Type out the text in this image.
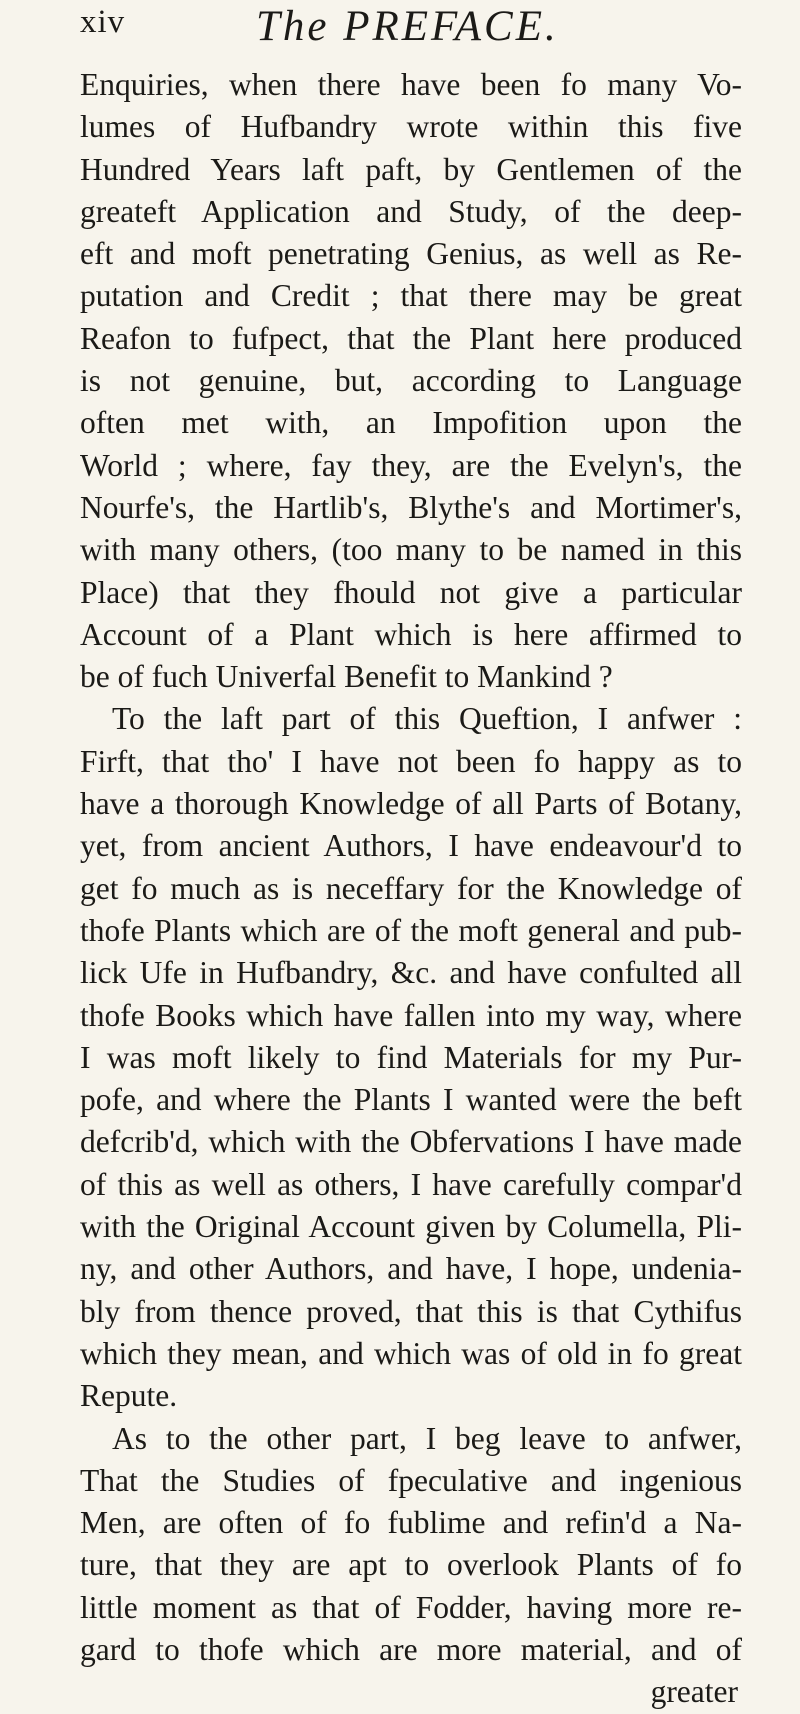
xiv	The PREFACE.
Enquiries, when there have been fo many Vo-
lumes of Hufbandry wrote within this five
Hundred Years laft paft, by Gentlemen of the
greateft Application and Study, of the deep-
eft and moft penetrating Genius, as well as Re-
putation and Credit ; that there may be great
Reafon to fufpect, that the Plant here produced
is not genuine, but, according to Language
often met with, an Impofition upon the
World ; where, fay they, are the Evelyn's, the
Nourfe's, the Hartlib's, Blythe's and Mortimer's,
with many others, (too many to be named in this
Place) that they fhould not give a particular
Account of a Plant which is here affirmed to
be of fuch Univerfal Benefit to Mankind ?
To the laft part of this Queftion, I anfwer :
Firft, that tho' I have not been fo happy as to
have a thorough Knowledge of all Parts of Botany,
yet, from ancient Authors, I have endeavour'd to
get fo much as is neceffary for the Knowledge of
thofe Plants which are of the moft general and pub-
lick Ufe in Hufbandry, &c. and have confulted all
thofe Books which have fallen into my way, where
I was moft likely to find Materials for my Pur-
pofe, and where the Plants I wanted were the beft
defcrib'd, which with the Obfervations I have made
of this as well as others, I have carefully compar'd
with the Original Account given by Columella, Pli-
ny, and other Authors, and have, I hope, undenia-
bly from thence proved, that this is that Cythifus
which they mean, and which was of old in fo great
Repute.
As to the other part, I beg leave to anfwer,
That the Studies of fpeculative and ingenious
Men, are often of fo fublime and refin'd a Na-
ture, that they are apt to overlook Plants of fo
little moment as that of Fodder, having more re-
gard to thofe which are more material, and of
greater
